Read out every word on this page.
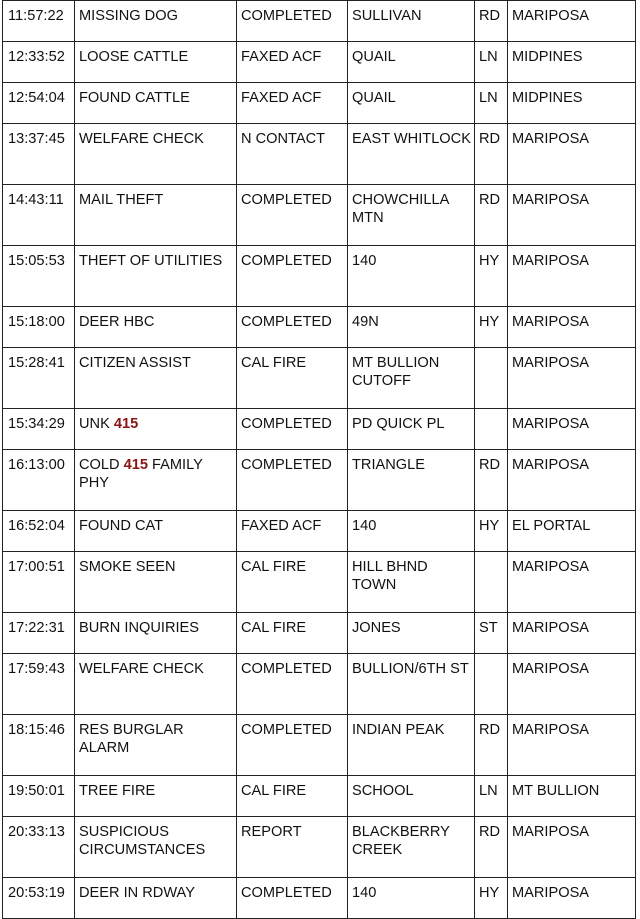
11:57:22	MISSING DOG	COMPLETED	SULLIVAN	RD	MARIPOSA
12:33:52	LOOSE CATTLE	FAXED ACF	QUAIL	LN	MIDPINES
12:54:04	FOUND CATTLE	FAXED ACF	QUAIL	LN	MIDPINES
13:37:45	WELFARE CHECK	N CONTACT	EAST WHITLOCK	RD	MARIPOSA
14:43:11	MAIL THEFT	COMPLETED	CHOWCHILLA MTN	RD	MARIPOSA
15:05:53	THEFT OF UTILITIES	COMPLETED	140	HY	MARIPOSA
15:18:00	DEER HBC	COMPLETED	49N	HY	MARIPOSA
15:28:41	CITIZEN ASSIST	CAL FIRE	MT BULLION CUTOFF		MARIPOSA
15:34:29	UNK 415	COMPLETED	PD QUICK PL		MARIPOSA
16:13:00	COLD 415 FAMILY PHY	COMPLETED	TRIANGLE	RD	MARIPOSA
16:52:04	FOUND CAT	FAXED ACF	140	HY	EL PORTAL
17:00:51	SMOKE SEEN	CAL FIRE	HILL BHND TOWN		MARIPOSA
17:22:31	BURN INQUIRIES	CAL FIRE	JONES	ST	MARIPOSA
17:59:43	WELFARE CHECK	COMPLETED	BULLION/6TH ST		MARIPOSA
18:15:46	RES BURGLAR ALARM	COMPLETED	INDIAN PEAK	RD	MARIPOSA
19:50:01	TREE FIRE	CAL FIRE	SCHOOL	LN	MT BULLION
20:33:13	SUSPICIOUS CIRCUMSTANCES	REPORT	BLACKBERRY CREEK	RD	MARIPOSA
20:53:19	DEER IN RDWAY	COMPLETED	140	HY	MARIPOSA
